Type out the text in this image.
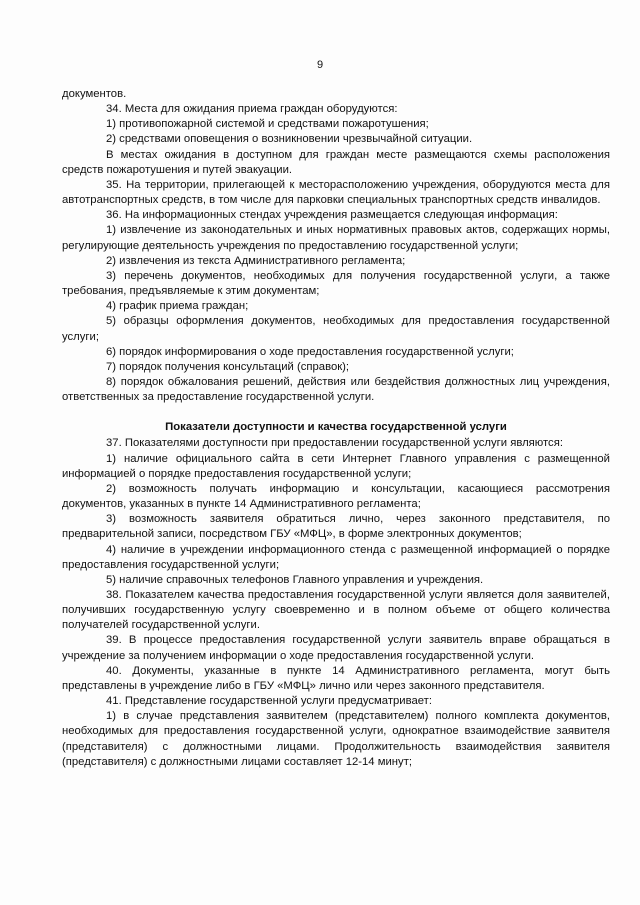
9

документов.

34. Места для ожидания приема граждан оборудуются:

1) противопожарной системой и средствами пожаротушения;

2) средствами оповещения о возникновении чрезвычайной ситуации.

В местах ожидания в доступном для граждан месте размещаются схемы расположения средств пожаротушения и путей эвакуации.

35. На территории, прилегающей к месторасположению учреждения, оборудуются места для автотранспортных средств, в том числе для парковки специальных транспортных средств инвалидов.

36. На информационных стендах учреждения размещается следующая информация:

1) извлечение из законодательных и иных нормативных правовых актов, содержащих нормы, регулирующие деятельность учреждения по предоставлению государственной услуги;

2) извлечения из текста Административного регламента;

3) перечень документов, необходимых для получения государственной услуги, а также требования, предъявляемые к этим документам;

4) график приема граждан;

5) образцы оформления документов, необходимых для предоставления государственной услуги;

6) порядок информирования о ходе предоставления государственной услуги;

7) порядок получения консультаций (справок);

8) порядок обжалования решений, действия или бездействия должностных лиц учреждения, ответственных за предоставление государственной услуги.

Показатели доступности и качества государственной услуги

37. Показателями доступности при предоставлении государственной услуги являются:

1) наличие официального сайта в сети Интернет Главного управления с размещенной информацией о порядке предоставления государственной услуги;

2) возможность получать информацию и консультации, касающиеся рассмотрения документов, указанных в пункте 14 Административного регламента;

3) возможность заявителя обратиться лично, через законного представителя, по предварительной записи, посредством ГБУ «МФЦ», в форме электронных документов;

4) наличие в учреждении информационного стенда с размещенной информацией о порядке предоставления государственной услуги;

5) наличие справочных телефонов Главного управления и учреждения.

38. Показателем качества предоставления государственной услуги является доля заявителей, получивших государственную услугу своевременно и в полном объеме от общего количества получателей государственной услуги.

39. В процессе предоставления государственной услуги заявитель вправе обращаться в учреждение за получением информации о ходе предоставления государственной услуги.

40. Документы, указанные в пункте 14 Административного регламента, могут быть представлены в учреждение либо в ГБУ «МФЦ» лично или через законного представителя.

41. Представление государственной услуги предусматривает:

1) в случае представления заявителем (представителем) полного комплекта документов, необходимых для предоставления государственной услуги, однократное взаимодействие заявителя (представителя) с должностными лицами. Продолжительность взаимодействия заявителя (представителя) с должностными лицами составляет 12-14 минут;
